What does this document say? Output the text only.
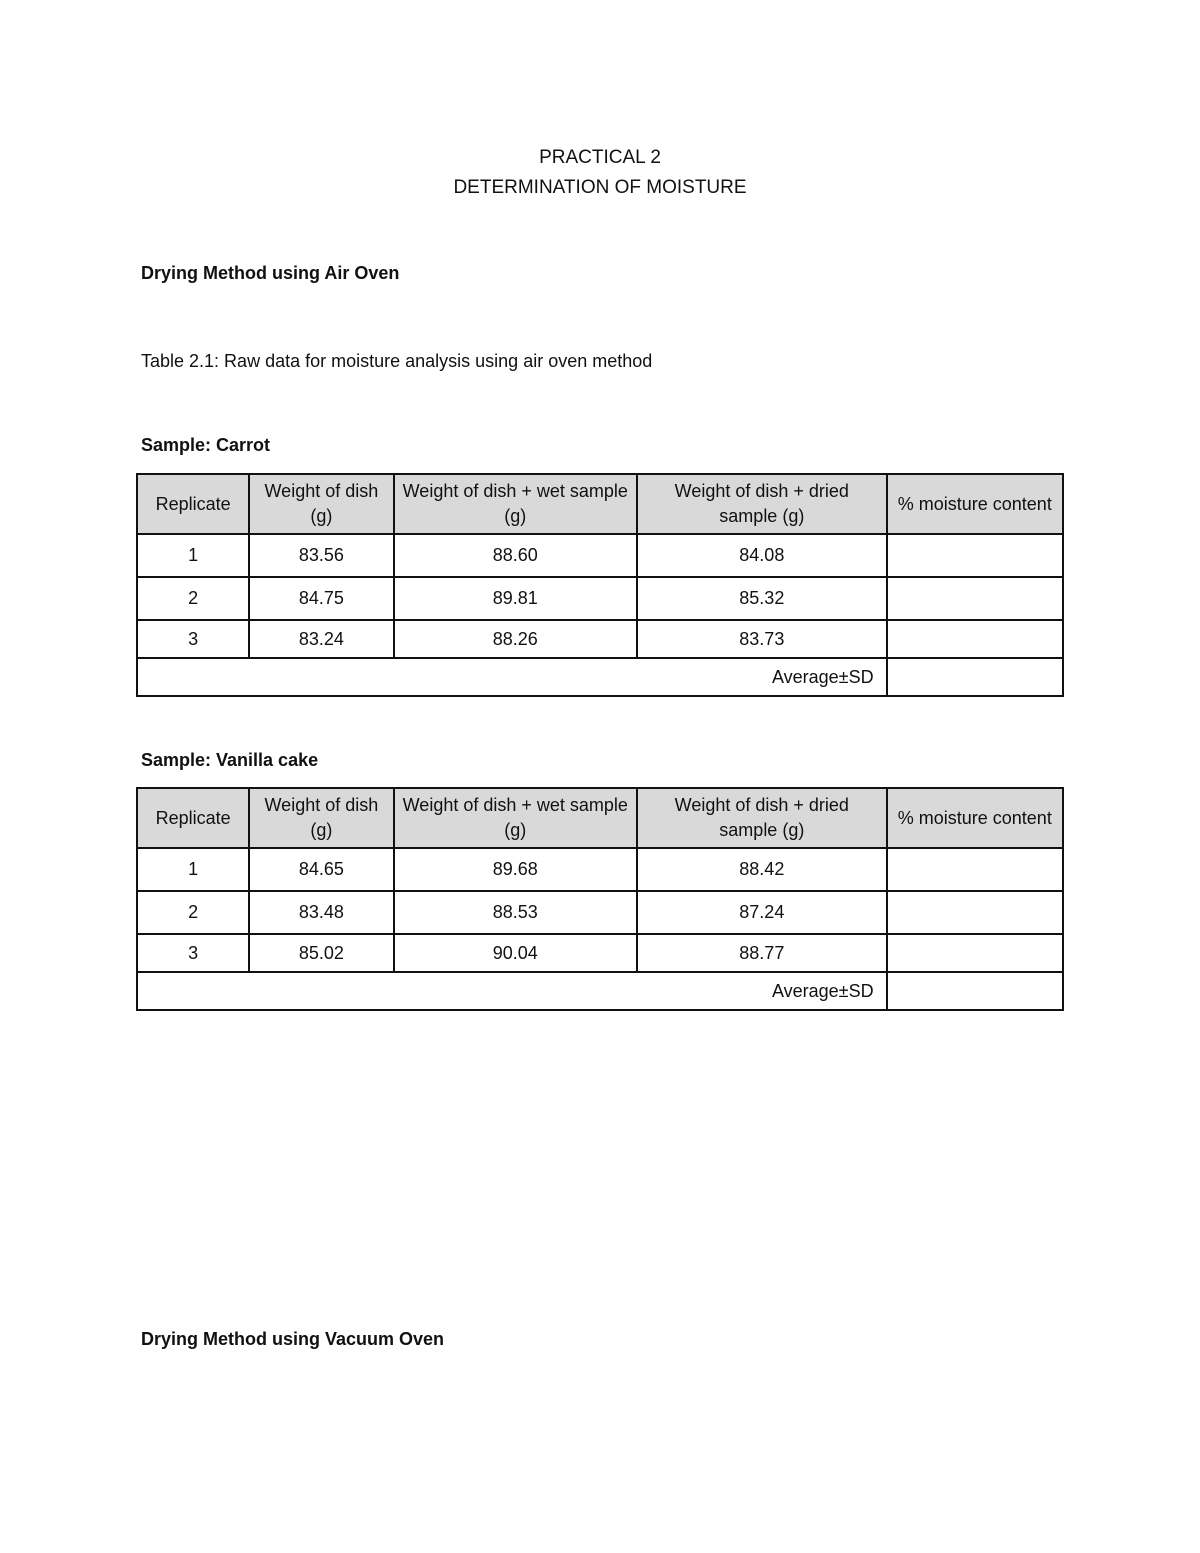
PRACTICAL 2
DETERMINATION OF MOISTURE
Drying Method using Air Oven
Table 2.1: Raw data for moisture analysis using air oven method
Sample: Carrot
Replicate	Weight of dish (g)	Weight of dish + wet sample (g)	Weight of dish + dried sample (g)	% moisture content
1	83.56	88.60	84.08	
2	84.75	89.81	85.32	
3	83.24	88.26	83.73	
Average±SD				
Sample: Vanilla cake
Replicate	Weight of dish (g)	Weight of dish + wet sample (g)	Weight of dish + dried sample (g)	% moisture content
1	84.65	89.68	88.42	
2	83.48	88.53	87.24	
3	85.02	90.04	88.77	
Average±SD				
Drying Method using Vacuum Oven
